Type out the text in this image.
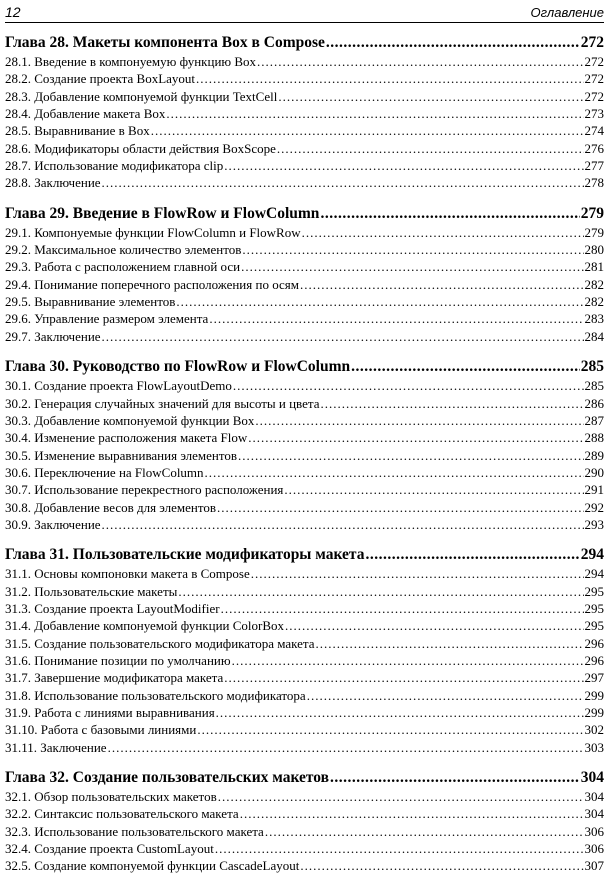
12	Оглавление
Глава 28. Макеты компонента Box в Compose .....	272
28.1. Введение в компонуемую функцию Box .....	272
28.2. Создание проекта BoxLayout .....	272
28.3. Добавление компонуемой функции TextCell .....	272
28.4. Добавление макета Box .....	273
28.5. Выравнивание в Box .....	274
28.6. Модификаторы области действия BoxScope .....	276
28.7. Использование модификатора clip .....	277
28.8. Заключение .....	278
Глава 29. Введение в FlowRow и FlowColumn .....	279
29.1. Компонуемые функции FlowColumn и FlowRow .....	279
29.2. Максимальное количество элементов .....	280
29.3. Работа с расположением главной оси .....	281
29.4. Понимание поперечного расположения по осям .....	282
29.5. Выравнивание элементов .....	282
29.6. Управление размером элемента .....	283
29.7. Заключение .....	284
Глава 30. Руководство по FlowRow и FlowColumn .....	285
30.1. Создание проекта FlowLayoutDemo .....	285
30.2. Генерация случайных значений для высоты и цвета .....	286
30.3. Добавление компонуемой функции Box .....	287
30.4. Изменение расположения макета Flow .....	288
30.5. Изменение выравнивания элементов .....	289
30.6. Переключение на FlowColumn .....	290
30.7. Использование перекрестного расположения .....	291
30.8. Добавление весов для элементов .....	292
30.9. Заключение .....	293
Глава 31. Пользовательские модификаторы макета .....	294
31.1. Основы компоновки макета в Compose .....	294
31.2. Пользовательские макеты .....	295
31.3. Создание проекта LayoutModifier .....	295
31.4. Добавление компонуемой функции ColorBox .....	295
31.5. Создание пользовательского модификатора макета .....	296
31.6. Понимание позиции по умолчанию .....	296
31.7. Завершение модификатора макета .....	297
31.8. Использование пользовательского модификатора .....	299
31.9. Работа с линиями выравнивания .....	299
31.10. Работа с базовыми линиями .....	302
31.11. Заключение .....	303
Глава 32. Создание пользовательских макетов .....	304
32.1. Обзор пользовательских макетов .....	304
32.2. Синтаксис пользовательского макета .....	304
32.3. Использование пользовательского макета .....	306
32.4. Создание проекта CustomLayout .....	306
32.5. Создание компонуемой функции CascadeLayout .....	307
